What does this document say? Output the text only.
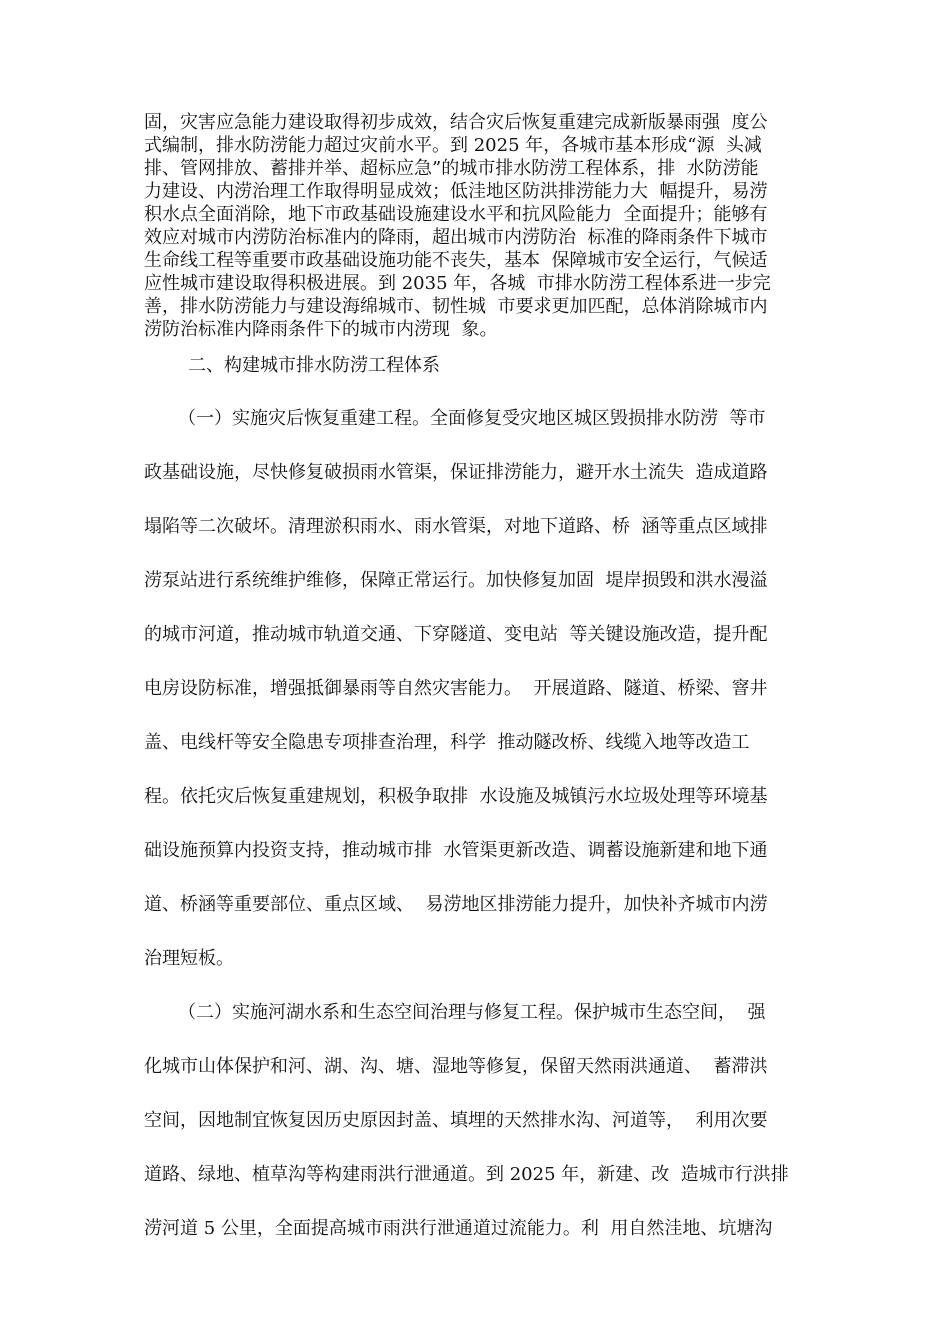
固，灾害应急能力建设取得初步成效，结合灾后恢复重建完成新版暴雨强  度公
式编制，排水防涝能力超过灾前水平。到 2025 年，各城市基本形成“源  头减
排、管网排放、蓄排并举、超标应急”的城市排水防涝工程体系，排  水防涝能
力建设、内涝治理工作取得明显成效；低洼地区防洪排涝能力大  幅提升，易涝
积水点全面消除，地下市政基础设施建设水平和抗风险能力  全面提升；能够有
效应对城市内涝防治标准内的降雨，超出城市内涝防治  标准的降雨条件下城市
生命线工程等重要市政基础设施功能不丧失，基本  保障城市安全运行，气候适
应性城市建设取得积极进展。到 2035 年，各城  市排水防涝工程体系进一步完
善，排水防涝能力与建设海绵城市、韧性城  市要求更加匹配，总体消除城市内
涝防治标准内降雨条件下的城市内涝现  象。
二、构建城市排水防涝工程体系
（一）实施灾后恢复重建工程。全面修复受灾地区城区毁损排水防涝  等市
政基础设施，尽快修复破损雨水管渠，保证排涝能力，避开水土流失  造成道路
塌陷等二次破坏。清理淤积雨水、雨水管渠，对地下道路、桥  涵等重点区域排
涝泵站进行系统维护维修，保障正常运行。加快修复加固  堤岸损毁和洪水漫溢
的城市河道，推动城市轨道交通、下穿隧道、变电站  等关键设施改造，提升配
电房设防标准，增强抵御暴雨等自然灾害能力。  开展道路、隧道、桥梁、窨井
盖、电线杆等安全隐患专项排查治理，科学  推动隧改桥、线缆入地等改造工
程。依托灾后恢复重建规划，积极争取排  水设施及城镇污水垃圾处理等环境基
础设施预算内投资支持，推动城市排  水管渠更新改造、调蓄设施新建和地下通
道、桥涵等重要部位、重点区域、  易涝地区排涝能力提升，加快补齐城市内涝
治理短板。
（二）实施河湖水系和生态空间治理与修复工程。保护城市生态空间，  强
化城市山体保护和河、湖、沟、塘、湿地等修复，保留天然雨洪通道、  蓄滞洪
空间，因地制宜恢复因历史原因封盖、填埋的天然排水沟、河道等，  利用次要
道路、绿地、植草沟等构建雨洪行泄通道。到 2025 年，新建、改  造城市行洪排
涝河道 5 公里，全面提高城市雨洪行泄通道过流能力。利  用自然洼地、坑塘沟
